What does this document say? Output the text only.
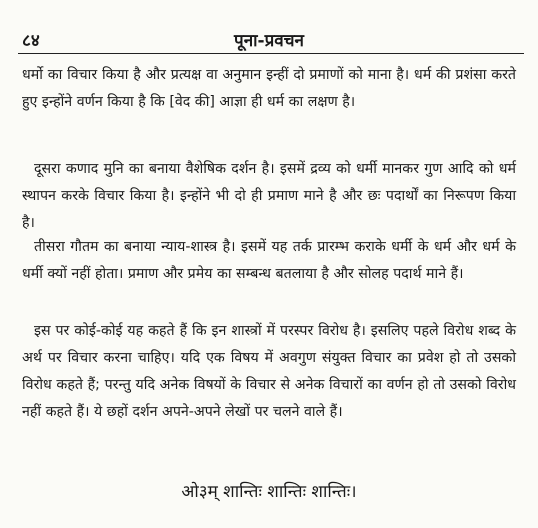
८४	पूना-प्रवचन

धर्मो का विचार किया है और प्रत्यक्ष वा अनुमान इन्हीं दो प्रमाणों को माना है। धर्म की प्रशंसा करते हुए इन्होंने वर्णन किया है कि [वेद की] आज्ञा ही धर्म का लक्षण है।

दूसरा कणाद मुनि का बनाया वैशेषिक दर्शन है। इसमें द्रव्य को धर्मी मानकर गुण आदि को धर्म स्थापन करके विचार किया है। इन्होंने भी दो ही प्रमाण माने है और छः पदार्थों का निरूपण किया है।

तीसरा गौतम का बनाया न्याय-शास्त्र है। इसमें यह तर्क प्रारम्भ कराके धर्मी के धर्म और धर्म के धर्मी क्यों नहीं होता। प्रमाण और प्रमेय का सम्बन्ध बतलाया है और सोलह पदार्थ माने हैं।

इस पर कोई-कोई यह कहते हैं कि इन शास्त्रों में परस्पर विरोध है। इसलिए पहले विरोध शब्द के अर्थ पर विचार करना चाहिए। यदि एक विषय में अवगुण संयुक्त विचार का प्रवेश हो तो उसको विरोध कहते हैं; परन्तु यदि अनेक विषयों के विचार से अनेक विचारों का वर्णन हो तो उसको विरोध नहीं कहते हैं। ये छहों दर्शन अपने-अपने लेखों पर चलने वाले हैं।

ओ३म् शान्तिः शान्तिः शान्तिः।
